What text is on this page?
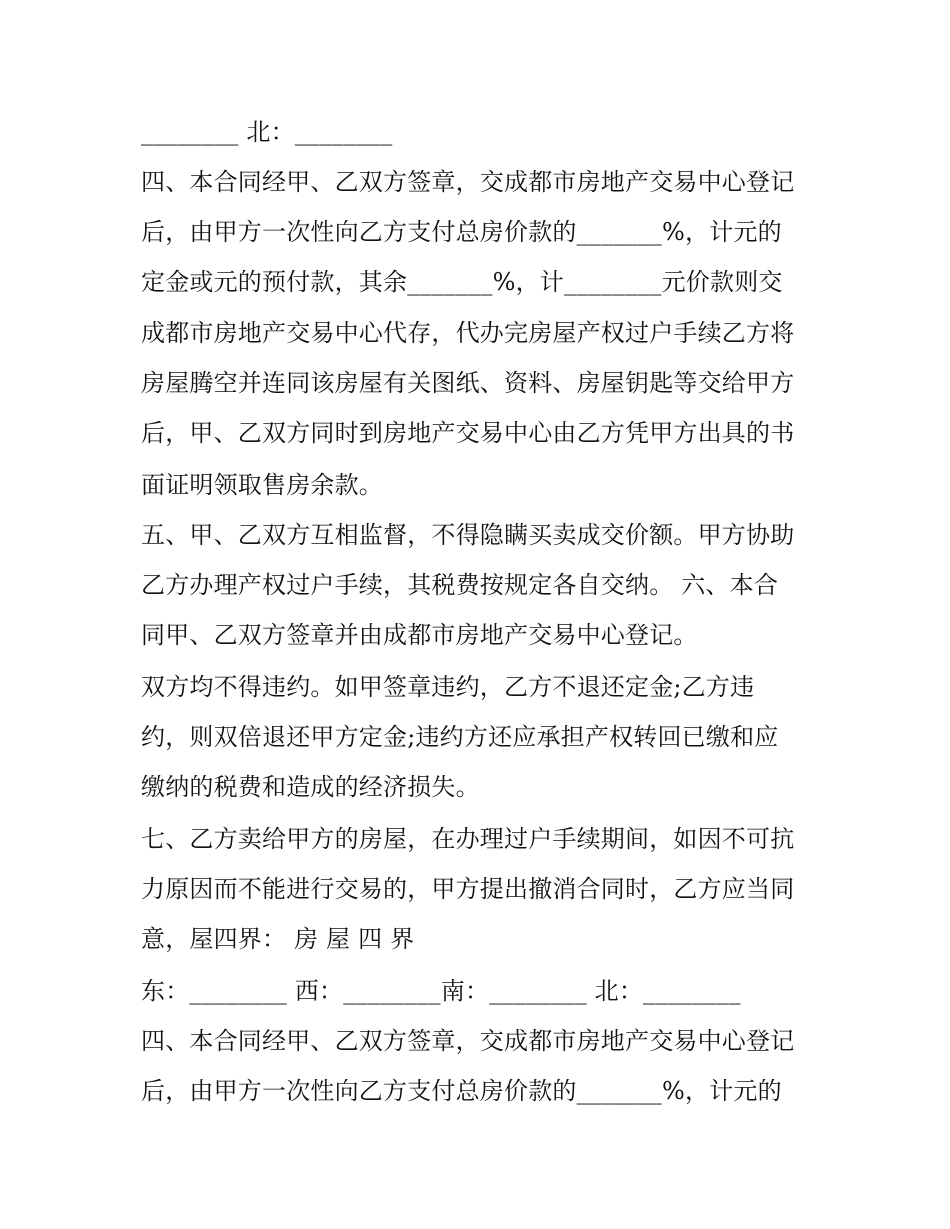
________ 北：________
四、本合同经甲、乙双方签章，交成都市房地产交易中心登记
后，由甲方一次性向乙方支付总房价款的_______%，计元的
定金或元的预付款，其余_______%，计________元价款则交
成都市房地产交易中心代存，代办完房屋产权过户手续乙方将
房屋腾空并连同该房屋有关图纸、资料、房屋钥匙等交给甲方
后，甲、乙双方同时到房地产交易中心由乙方凭甲方出具的书
面证明领取售房余款。
五、甲、乙双方互相监督，不得隐瞒买卖成交价额。甲方协助
乙方办理产权过户手续，其税费按规定各自交纳。 六、本合
同甲、乙双方签章并由成都市房地产交易中心登记。
双方均不得违约。如甲签章违约，乙方不退还定金;乙方违
约，则双倍退还甲方定金;违约方还应承担产权转回已缴和应
缴纳的税费和造成的经济损失。
七、乙方卖给甲方的房屋，在办理过户手续期间，如因不可抗
力原因而不能进行交易的，甲方提出撤消合同时，乙方应当同
意，屋四界： 房 屋 四 界
东：________ 西：________南：________ 北：________
四、本合同经甲、乙双方签章，交成都市房地产交易中心登记
后，由甲方一次性向乙方支付总房价款的_______%，计元的
